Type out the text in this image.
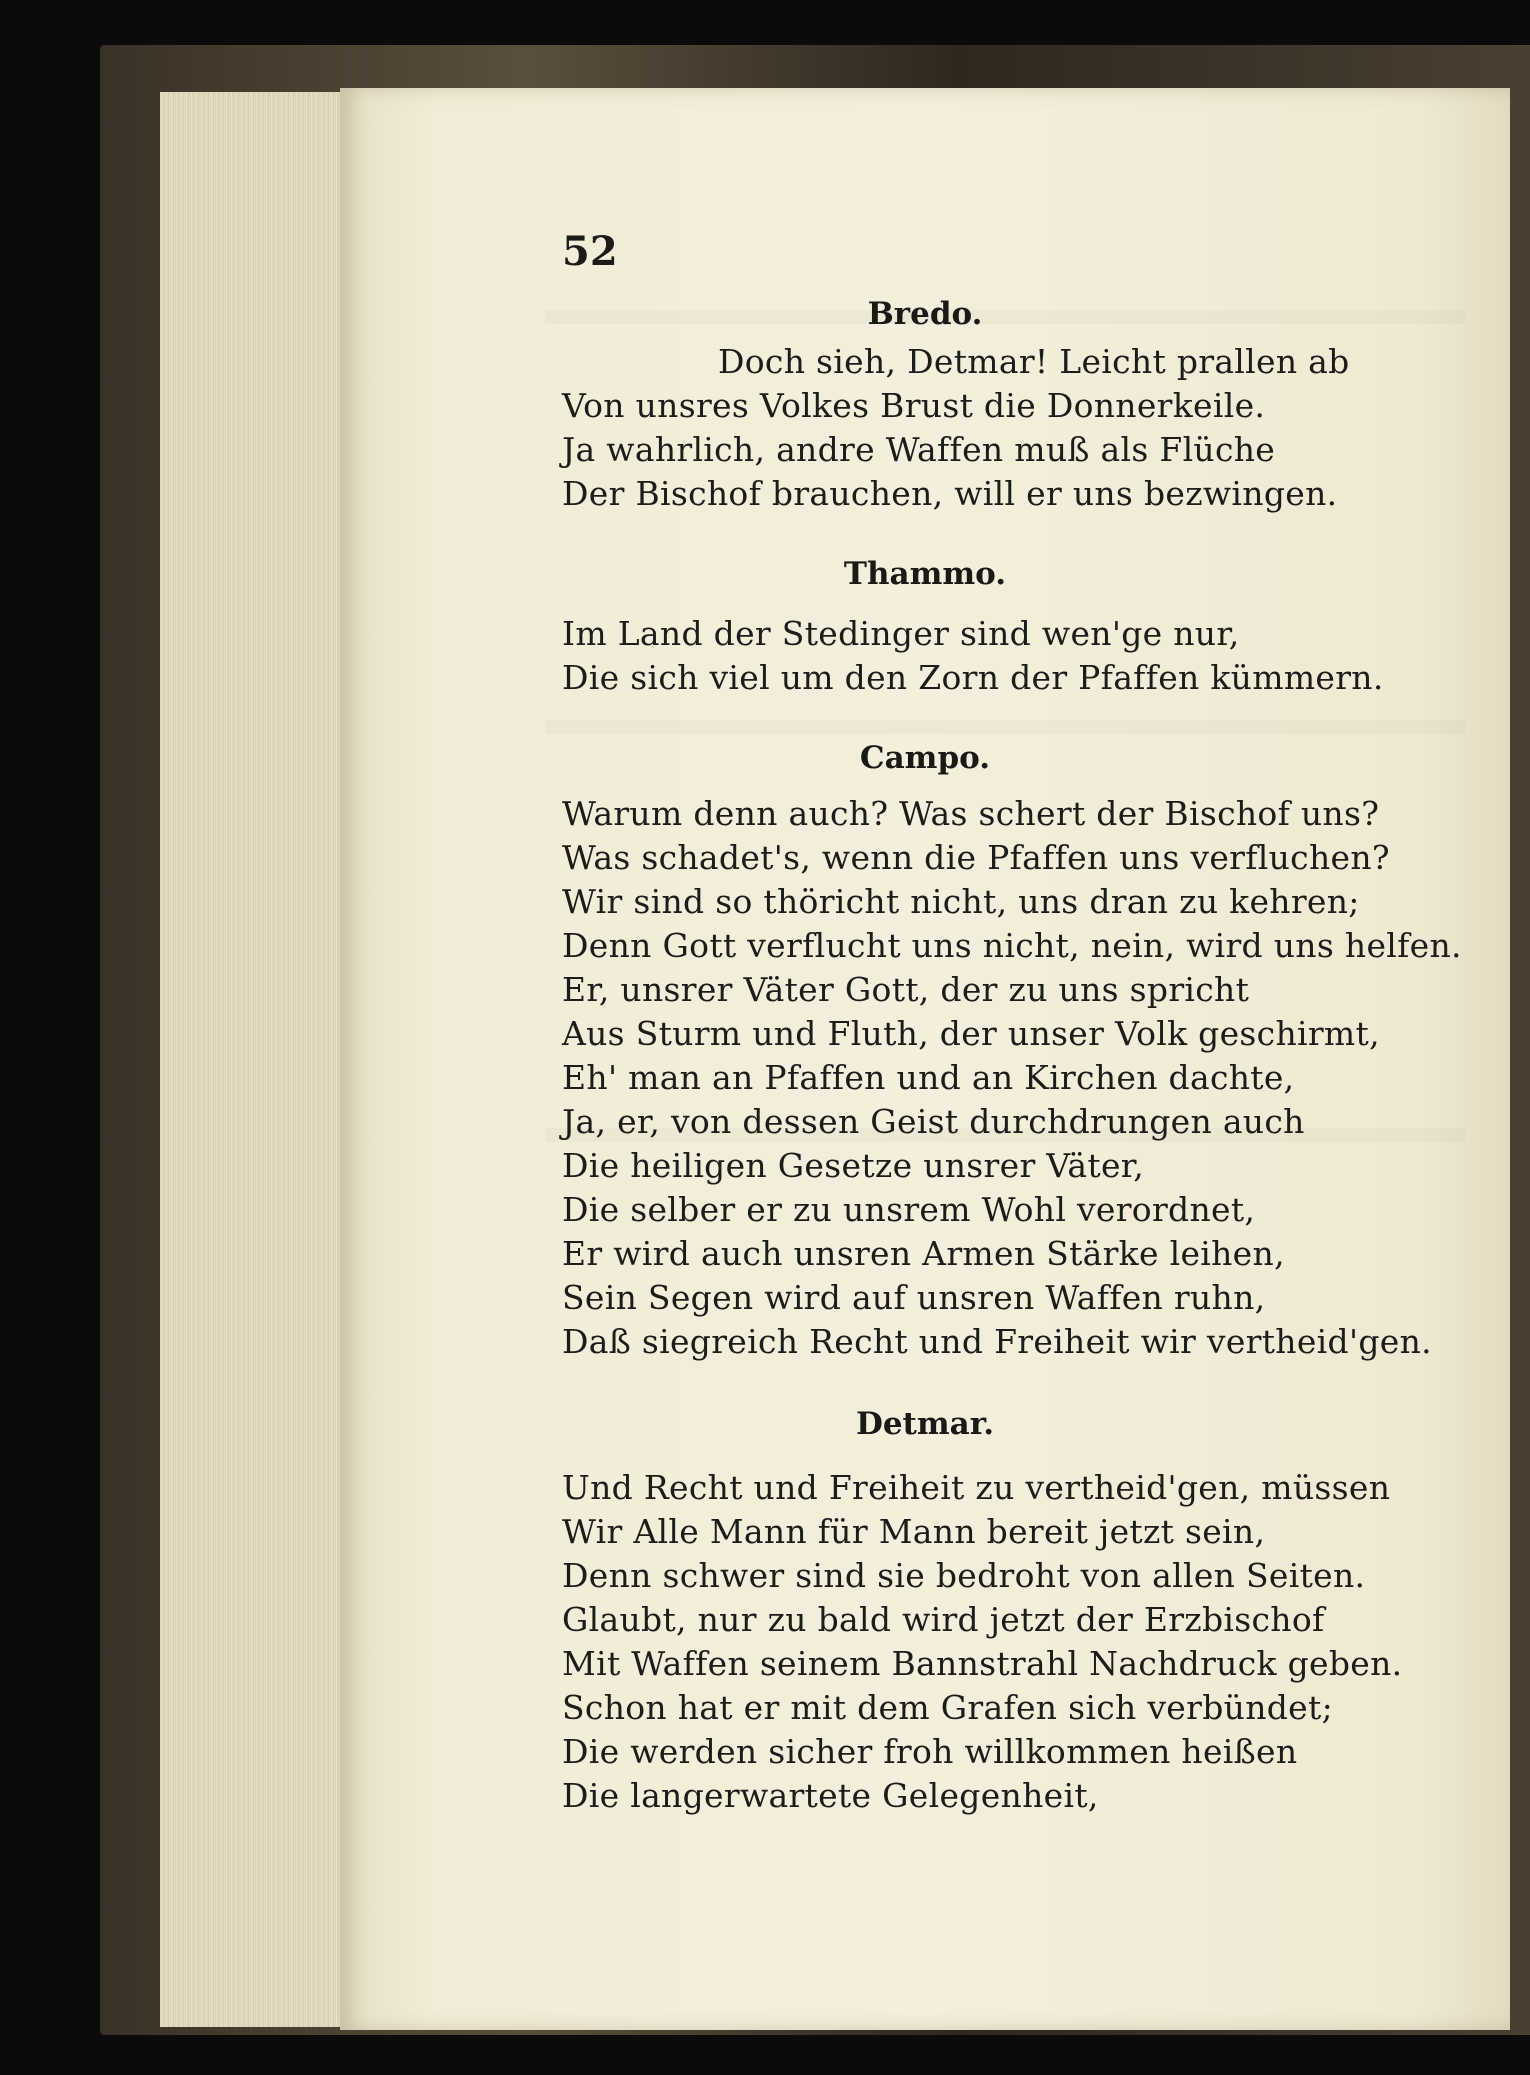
52
Bredo.

Doch sieh, Detmar! Leicht prallen ab

Von unsres Volkes Brust die Donnerkeile.

Ja wahrlich, andre Waffen muß als Flüche

Der Bischof brauchen, will er uns bezwingen.

Thammo.

Im Land der Stedinger sind wen'ge nur,

Die sich viel um den Zorn der Pfaffen kümmern.

Campo.

Warum denn auch? Was schert der Bischof uns?

Was schadet's, wenn die Pfaffen uns verfluchen?

Wir sind so thöricht nicht, uns dran zu kehren;

Denn Gott verflucht uns nicht, nein, wird uns helfen.

Er, unsrer Väter Gott, der zu uns spricht

Aus Sturm und Fluth, der unser Volk geschirmt,

Eh' man an Pfaffen und an Kirchen dachte,

Ja, er, von dessen Geist durchdrungen auch

Die heiligen Gesetze unsrer Väter,

Die selber er zu unsrem Wohl verordnet,

Er wird auch unsren Armen Stärke leihen,

Sein Segen wird auf unsren Waffen ruhn,

Daß siegreich Recht und Freiheit wir vertheid'gen.

Detmar.

Und Recht und Freiheit zu vertheid'gen, müssen

Wir Alle Mann für Mann bereit jetzt sein,

Denn schwer sind sie bedroht von allen Seiten.

Glaubt, nur zu bald wird jetzt der Erzbischof

Mit Waffen seinem Bannstrahl Nachdruck geben.

Schon hat er mit dem Grafen sich verbündet;

Die werden sicher froh willkommen heißen

Die langerwartete Gelegenheit,
